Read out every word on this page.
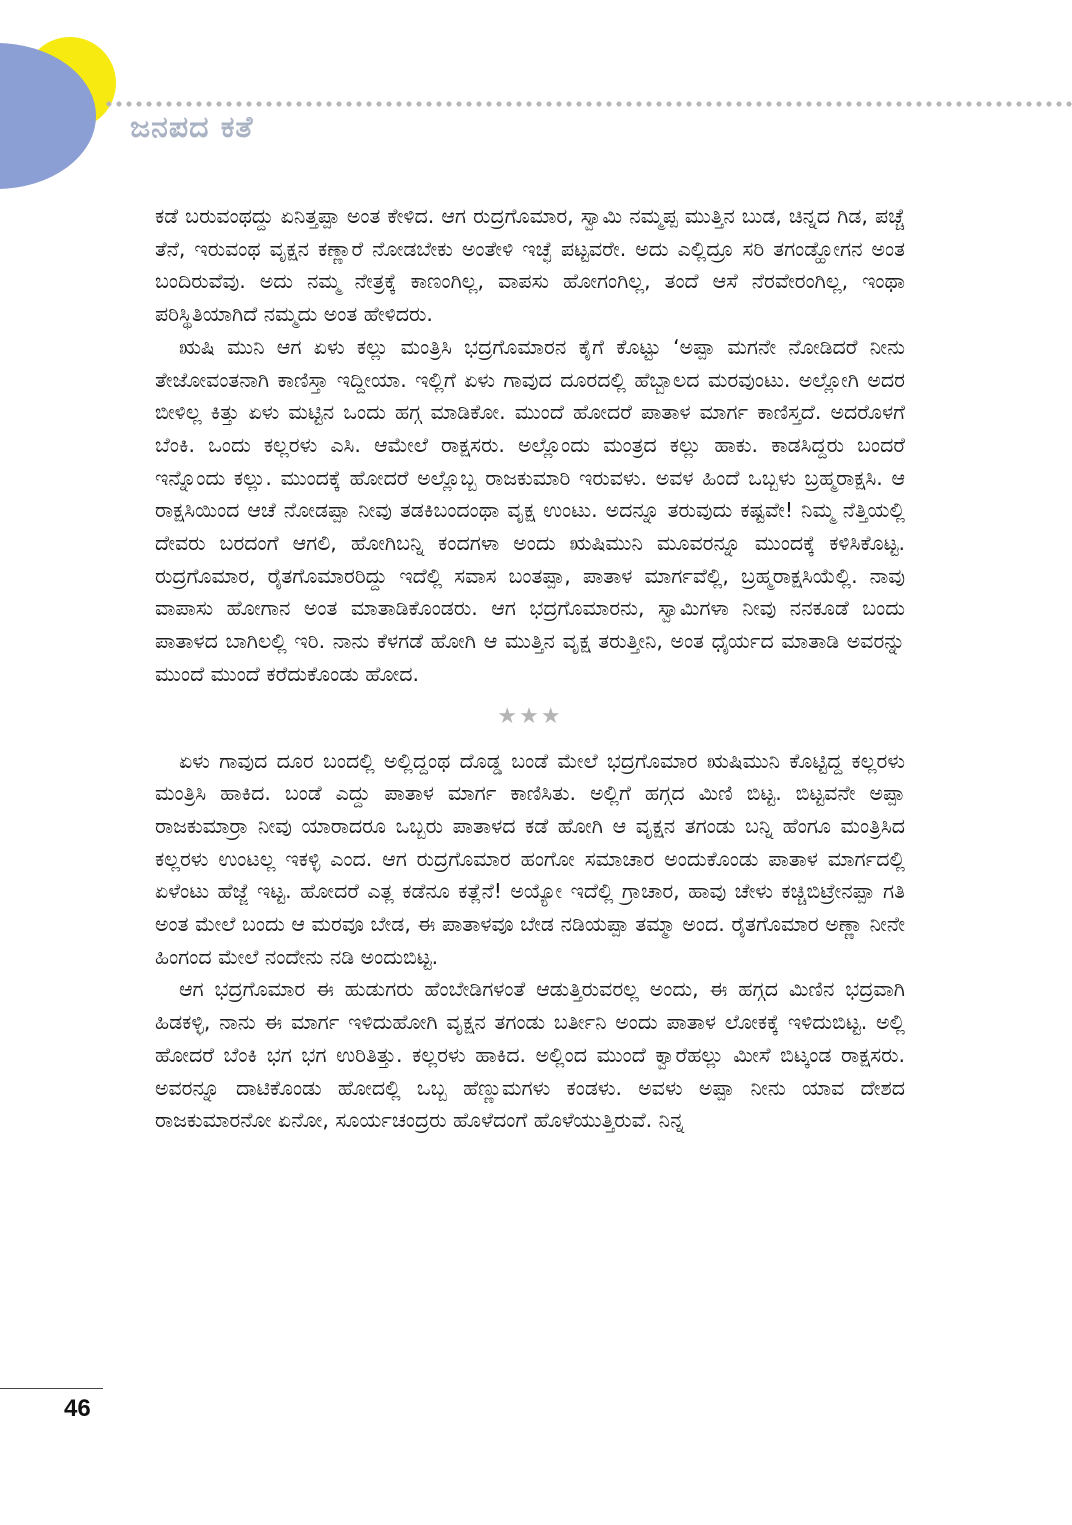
ಜನಪದ ಕತೆ

ಕಡೆ ಬರುವಂಥದ್ದು ಏನಿತ್ತಪ್ಪಾ ಅಂತ ಕೇಳಿದ. ಆಗ ರುದ್ರಗೊಮಾರ, ಸ್ವಾಮಿ ನಮ್ಮಪ್ಪ ಮುತ್ತಿನ ಬುಡ, ಚಿನ್ನದ ಗಿಡ, ಪಚ್ಚೆ ತೆನೆ, ಇರುವಂಥ ವೃಕ್ಷನ ಕಣ್ಣಾರೆ ನೋಡಬೇಕು ಅಂತೇಳಿ ಇಚ್ಛೆ ಪಟ್ಟವರೇ. ಅದು ಎಲ್ಲಿದ್ರೂ ಸರಿ ತಗಂಡ್ಹೋಗನ ಅಂತ ಬಂದಿರುವೆವು. ಅದು ನಮ್ಮ ನೇತ್ರಕ್ಕೆ ಕಾಣಂಗಿಲ್ಲ, ವಾಪಸು ಹೋಗಂಗಿಲ್ಲ, ತಂದೆ ಆಸೆ ನೆರವೇರಂಗಿಲ್ಲ, ಇಂಥಾ ಪರಿಸ್ಥಿತಿಯಾಗಿದೆ ನಮ್ಮದು ಅಂತ ಹೇಳಿದರು.

ಋಷಿ ಮುನಿ ಆಗ ಏಳು ಕಲ್ಲು ಮಂತ್ರಿಸಿ ಭದ್ರಗೊಮಾರನ ಕೈಗೆ ಕೊಟ್ಟು ‘ಅಪ್ಪಾ ಮಗನೇ ನೋಡಿದರೆ ನೀನು ತೇಜೋವಂತನಾಗಿ ಕಾಣಿಸ್ತಾ ಇದ್ದೀಯಾ. ಇಲ್ಲಿಗೆ ಏಳು ಗಾವುದ ದೂರದಲ್ಲಿ ಹೆಬ್ಬಾಲದ ಮರವುಂಟು. ಅಲ್ಲೋಗಿ ಅದರ ಬೀಳಿಲ್ಲ ಕಿತ್ತು ಏಳು ಮಟ್ಟಿನ ಒಂದು ಹಗ್ಗ ಮಾಡಿಕೋ. ಮುಂದೆ ಹೋದರೆ ಪಾತಾಳ ಮಾರ್ಗ ಕಾಣಿಸ್ತದೆ. ಅದರೊಳಗೆ ಬೆಂಕಿ. ಒಂದು ಕಲ್ಲರಳು ಎಸಿ. ಆಮೇಲೆ ರಾಕ್ಷಸರು. ಅಲ್ಲೊಂದು ಮಂತ್ರದ ಕಲ್ಲು ಹಾಕು. ಕಾಡಸಿದ್ದರು ಬಂದರೆ ಇನ್ನೊಂದು ಕಲ್ಲು. ಮುಂದಕ್ಕೆ ಹೋದರೆ ಅಲ್ಲೊಬ್ಬ ರಾಜಕುಮಾರಿ ಇರುವಳು. ಅವಳ ಹಿಂದೆ ಒಬ್ಬಳು ಬ್ರಹ್ಮರಾಕ್ಷಸಿ. ಆ ರಾಕ್ಷಸಿಯಿಂದ ಆಚೆ ನೋಡಪ್ಪಾ ನೀವು ತಡಕಿಬಂದಂಥಾ ವೃಕ್ಷ ಉಂಟು. ಅದನ್ನೂ ತರುವುದು ಕಷ್ಟವೇ! ನಿಮ್ಮ ನೆತ್ತಿಯಲ್ಲಿ ದೇವರು ಬರದಂಗೆ ಆಗಲಿ, ಹೋಗಿಬನ್ನಿ ಕಂದಗಳಾ ಅಂದು ಋಷಿಮುನಿ ಮೂವರನ್ನೂ ಮುಂದಕ್ಕೆ ಕಳಿಸಿಕೊಟ್ಟ. ರುದ್ರಗೊಮಾರ, ರೈತಗೊಮಾರರಿದ್ದು ಇದೆಲ್ಲಿ ಸವಾಸ ಬಂತಪ್ಪಾ, ಪಾತಾಳ ಮಾರ್ಗವೆಲ್ಲಿ, ಬ್ರಹ್ಮರಾಕ್ಷಸಿಯೆಲ್ಲಿ. ನಾವು ವಾಪಾಸು ಹೋಗಾನ ಅಂತ ಮಾತಾಡಿಕೊಂಡರು. ಆಗ ಭದ್ರಗೊಮಾರನು, ಸ್ವಾಮಿಗಳಾ ನೀವು ನನಕೂಡೆ ಬಂದು ಪಾತಾಳದ ಬಾಗಿಲಲ್ಲಿ ಇರಿ. ನಾನು ಕೆಳಗಡೆ ಹೋಗಿ ಆ ಮುತ್ತಿನ ವೃಕ್ಷ ತರುತ್ತೀನಿ, ಅಂತ ಧೈರ್ಯದ ಮಾತಾಡಿ ಅವರನ್ನು ಮುಂದೆ ಮುಂದೆ ಕರೆದುಕೊಂಡು ಹೋದ.

★★★

ಏಳು ಗಾವುದ ದೂರ ಬಂದಲ್ಲಿ ಅಲ್ಲಿದ್ದಂಥ ದೊಡ್ಡ ಬಂಡೆ ಮೇಲೆ ಭದ್ರಗೊಮಾರ ಋಷಿಮುನಿ ಕೊಟ್ಟಿದ್ದ ಕಲ್ಲರಳು ಮಂತ್ರಿಸಿ ಹಾಕಿದ. ಬಂಡೆ ಎದ್ದು ಪಾತಾಳ ಮಾರ್ಗ ಕಾಣಿಸಿತು. ಅಲ್ಲಿಗೆ ಹಗ್ಗದ ಮಿಣಿ ಬಿಟ್ಟ. ಬಿಟ್ಟವನೇ ಅಪ್ಪಾ ರಾಜಕುಮಾರ್ರಾ ನೀವು ಯಾರಾದರೂ ಒಬ್ಬರು ಪಾತಾಳದ ಕಡೆ ಹೋಗಿ ಆ ವೃಕ್ಷನ ತಗಂಡು ಬನ್ನಿ ಹೆಂಗೂ ಮಂತ್ರಿಸಿದ ಕಲ್ಲರಳು ಉಂಟಲ್ಲ ಇಕಳ್ಳಿ ಎಂದ. ಆಗ ರುದ್ರಗೊಮಾರ ಹಂಗೋ ಸಮಾಚಾರ ಅಂದುಕೊಂಡು ಪಾತಾಳ ಮಾರ್ಗದಲ್ಲಿ ಏಳೆಂಟು ಹೆಜ್ಜೆ ಇಟ್ಟ. ಹೋದರೆ ಎತ್ಲ ಕಡೆನೂ ಕತ್ಲೆನೆ! ಅಯ್ಯೋ ಇದೆಲ್ಲಿ ಗ್ರಾಚಾರ, ಹಾವು ಚೇಳು ಕಚ್ಚಿಬಿಟ್ರೇನಪ್ಪಾ ಗತಿ ಅಂತ ಮೇಲೆ ಬಂದು ಆ ಮರವೂ ಬೇಡ, ಈ ಪಾತಾಳವೂ ಬೇಡ ನಡಿಯಪ್ಪಾ ತಮ್ಮಾ ಅಂದ. ರೈತಗೊಮಾರ ಅಣ್ಣಾ ನೀನೇ ಹಿಂಗಂದ ಮೇಲೆ ನಂದೇನು ನಡಿ ಅಂದುಬಿಟ್ಟ.

ಆಗ ಭದ್ರಗೊಮಾರ ಈ ಹುಡುಗರು ಹೆಂಬೇಡಿಗಳಂತೆ ಆಡುತ್ತಿರುವರಲ್ಲ ಅಂದು, ಈ ಹಗ್ಗದ ಮಿಣಿನ ಭದ್ರವಾಗಿ ಹಿಡಕಳ್ಳಿ, ನಾನು ಈ ಮಾರ್ಗ ಇಳಿದುಹೋಗಿ ವೃಕ್ಷನ ತಗಂಡು ಬರ್ತೀನಿ ಅಂದು ಪಾತಾಳ ಲೋಕಕ್ಕೆ ಇಳಿದುಬಿಟ್ಟ. ಅಲ್ಲಿ ಹೋದರೆ ಬೆಂಕಿ ಭಗ ಭಗ ಉರಿತಿತ್ತು. ಕಲ್ಲರಳು ಹಾಕಿದ. ಅಲ್ಲಿಂದ ಮುಂದೆ ಕ್ವಾರೆಹಲ್ಲು ಮೀಸೆ ಬಿಟ್ಕಂಡ ರಾಕ್ಷಸರು. ಅವರನ್ನೂ ದಾಟಿಕೊಂಡು ಹೋದಲ್ಲಿ ಒಬ್ಬ ಹೆಣ್ಣುಮಗಳು ಕಂಡಳು. ಅವಳು ಅಪ್ಪಾ ನೀನು ಯಾವ ದೇಶದ ರಾಜಕುಮಾರನೋ ಏನೋ, ಸೂರ್ಯಚಂದ್ರರು ಹೊಳೆದಂಗೆ ಹೊಳೆಯುತ್ತಿರುವೆ. ನಿನ್ನ

46
